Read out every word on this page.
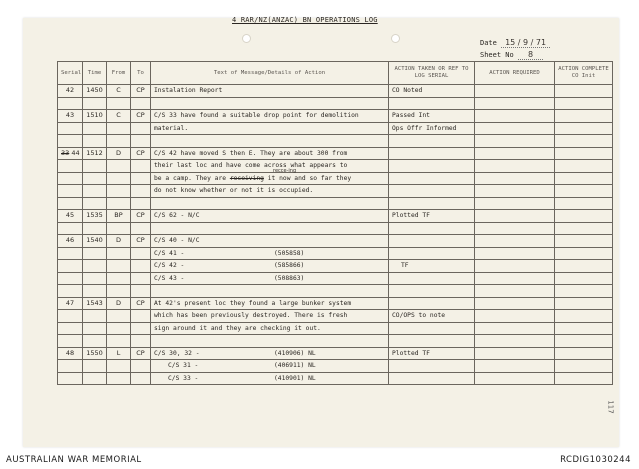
4 RAR/NZ(ANZAC) BN OPERATIONS LOG
Date 15 / 9 / 71
Sheet No 8
Serial	Time	From	To	Text of Message/Details of Action	ACTION TAKEN OR REF TO LOG SERIAL	ACTION REQUIRED	ACTION COMPLETE CO Init
42	1450	C	CP	Instalation Report	CO Noted		

43	1510	C	CP	C/S 33 have found a suitable drop point for demolition	Passed Int		
				material.	Ops Offr Informed		

33 44	1512	D	CP	C/S 42 have moved S then E. They are about 300 from			
				their last loc and have come across what appears to			
				be a camp. They are receiving it now and so far they
recce-ing			

				do not know whether or not it is occupied.			

45	1535	BP	CP	C/S 62 - N/C	Plotted TF		

46	1540	D	CP	C/S 40 - N/C			

				C/S 41 - (505858)			

				C/S 42 - (585866)	TF		

				C/S 43 - (508863)			

47	1543	D	CP	At 42's present loc they found a large bunker system			
				which has been previously destroyed. There is fresh	CO/OPS to note		
				sign around it and they are checking it out.			

48	1550	L	CP	C/S 30, 32 - (410906) NL	Plotted TF		

				C/S 31 - (406911) NL			

				C/S 33 - (410901) NL			

117
AUSTRALIAN WAR MEMORIAL	RCDIG1030244
